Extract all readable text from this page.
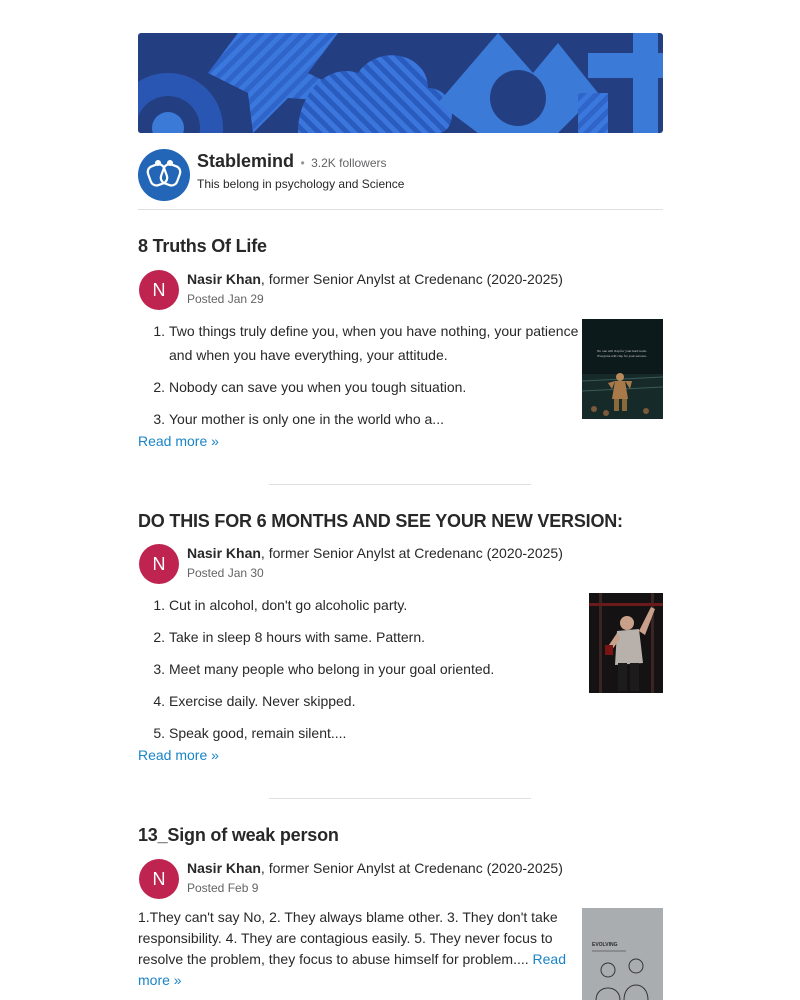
Stablemind • 3.2K followers
This belong in psychology and Science
8 Truths Of Life
N
Nasir Khan, former Senior Anylst at Credenanc (2020-2025)
Posted Jan 29
1. Two things truly define you, when you have nothing, your patience
and when you have everything, your attitude.
2. Nobody can save you when you tough situation.
3. Your mother is only one in the world who a...
Read more »
No one will clap for your hard work.
Everyone will clap for your success.
DO THIS FOR 6 MONTHS AND SEE YOUR NEW VERSION:
N
Nasir Khan, former Senior Anylst at Credenanc (2020-2025)
Posted Jan 30
1. Cut in alcohol, don't go alcoholic party.
2. Take in sleep 8 hours with same. Pattern.
3. Meet many people who belong in your goal oriented.
4. Exercise daily. Never skipped.
5. Speak good, remain silent....
Read more »
13_Sign of weak person
N
Nasir Khan, former Senior Anylst at Credenanc (2020-2025)
Posted Feb 9
1.They can't say No, 2. They always blame other. 3. They don't take responsibility. 4. They are contagious easily. 5. They never focus to resolve the problem, they focus to abuse himself for problem.... Read more »
EVOLVING
